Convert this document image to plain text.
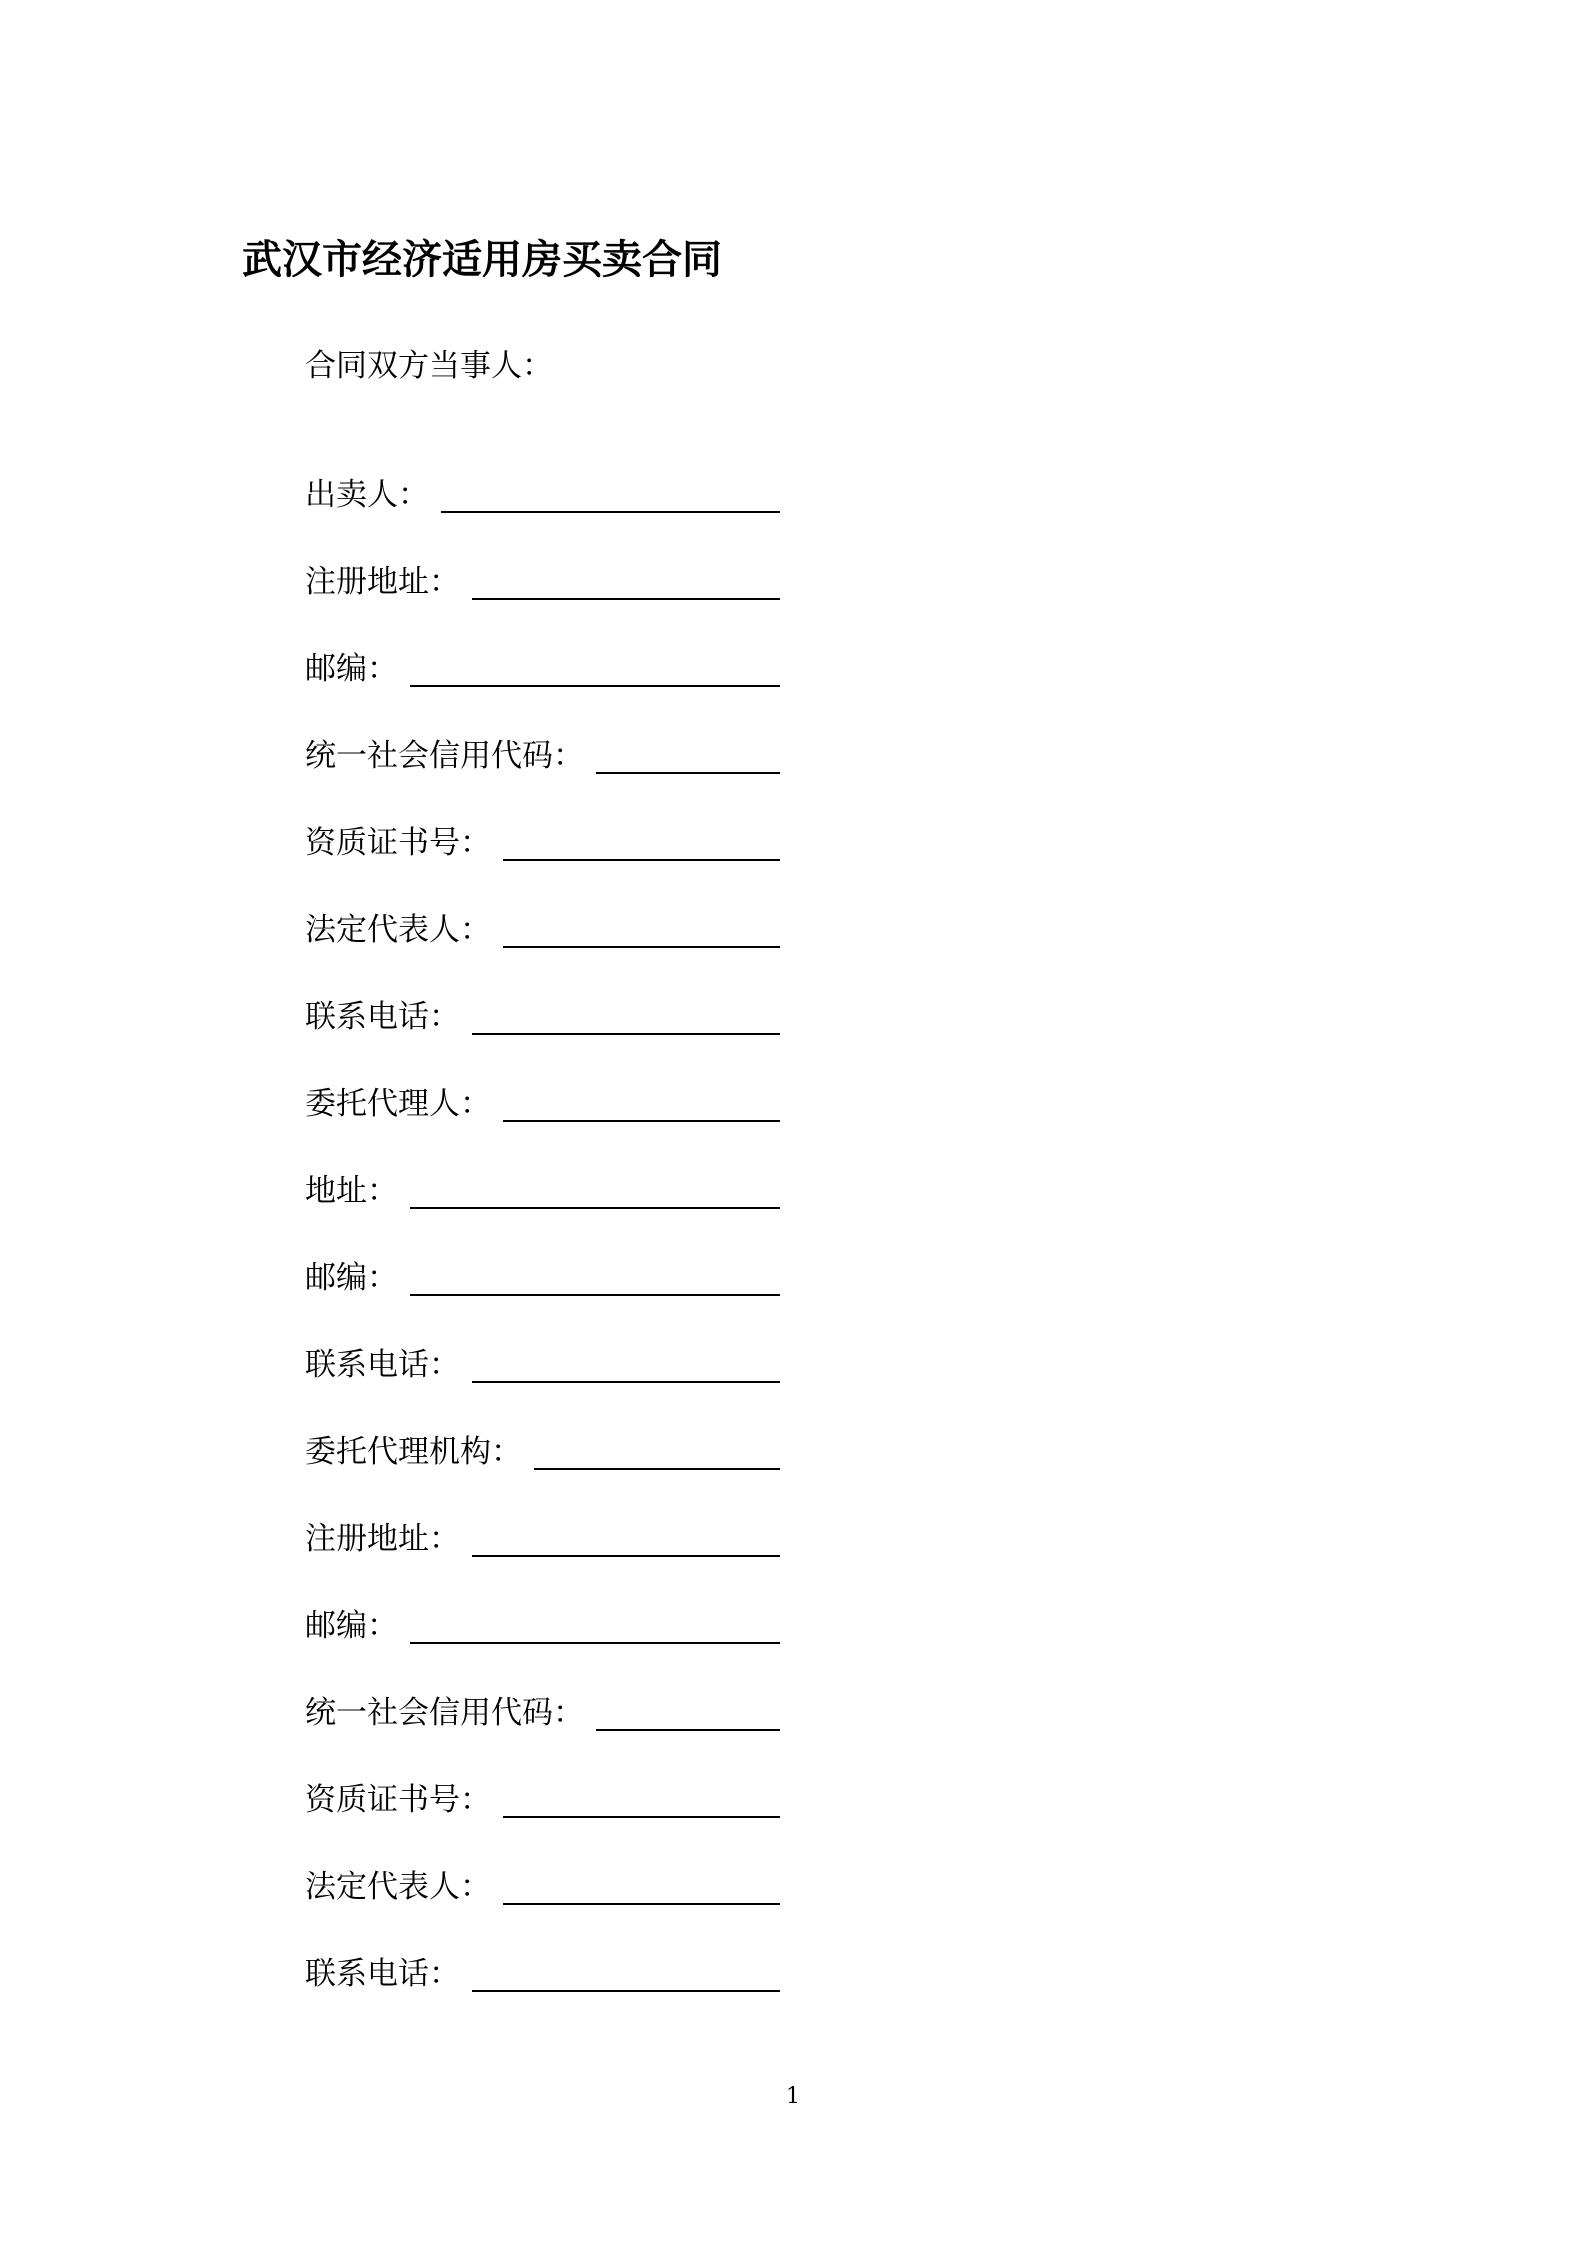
武汉市经济适用房买卖合同
合同双方当事人：
出卖人：
注册地址：
邮编：
统一社会信用代码：
资质证书号：
法定代表人：
联系电话：
委托代理人：
地址：
邮编：
联系电话：
委托代理机构：
注册地址：
邮编：
统一社会信用代码：
资质证书号：
法定代表人：
联系电话：
1
